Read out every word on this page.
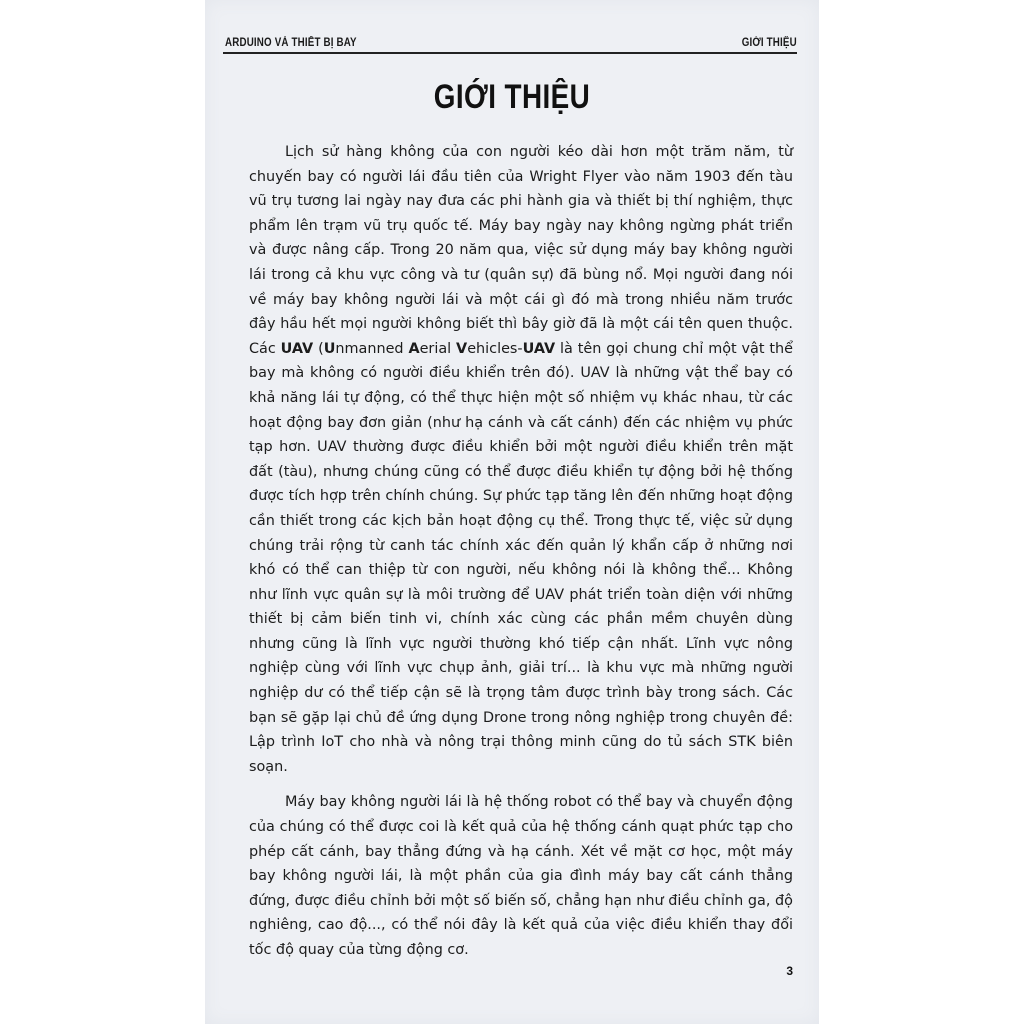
ARDUINO VÀ THIẾT BỊ BAY	GIỚI THIỆU
GIỚI THIỆU

Lịch sử hàng không của con người kéo dài hơn một trăm năm, từ chuyến bay có người lái đầu tiên của Wright Flyer vào năm 1903 đến tàu vũ trụ tương lai ngày nay đưa các phi hành gia và thiết bị thí nghiệm, thực phẩm lên trạm vũ trụ quốc tế. Máy bay ngày nay không ngừng phát triển và được nâng cấp. Trong 20 năm qua, việc sử dụng máy bay không người lái trong cả khu vực công và tư (quân sự) đã bùng nổ. Mọi người đang nói về máy bay không người lái và một cái gì đó mà trong nhiều năm trước đây hầu hết mọi người không biết thì bây giờ đã là một cái tên quen thuộc. Các UAV (Unmanned Aerial Vehicles-UAV là tên gọi chung chỉ một vật thể bay mà không có người điều khiển trên đó). UAV là những vật thể bay có khả năng lái tự động, có thể thực hiện một số nhiệm vụ khác nhau, từ các hoạt động bay đơn giản (như hạ cánh và cất cánh) đến các nhiệm vụ phức tạp hơn. UAV thường được điều khiển bởi một người điều khiển trên mặt đất (tàu), nhưng chúng cũng có thể được điều khiển tự động bởi hệ thống được tích hợp trên chính chúng. Sự phức tạp tăng lên đến những hoạt động cần thiết trong các kịch bản hoạt động cụ thể. Trong thực tế, việc sử dụng chúng trải rộng từ canh tác chính xác đến quản lý khẩn cấp ở những nơi khó có thể can thiệp từ con người, nếu không nói là không thể... Không như lĩnh vực quân sự là môi trường để UAV phát triển toàn diện với những thiết bị cảm biến tinh vi, chính xác cùng các phần mềm chuyên dùng nhưng cũng là lĩnh vực người thường khó tiếp cận nhất. Lĩnh vực nông nghiệp cùng với lĩnh vực chụp ảnh, giải trí... là khu vực mà những người nghiệp dư có thể tiếp cận sẽ là trọng tâm được trình bày trong sách. Các bạn sẽ gặp lại chủ đề ứng dụng Drone trong nông nghiệp trong chuyên đề: Lập trình IoT cho nhà và nông trại thông minh cũng do tủ sách STK biên soạn.

Máy bay không người lái là hệ thống robot có thể bay và chuyển động của chúng có thể được coi là kết quả của hệ thống cánh quạt phức tạp cho phép cất cánh, bay thẳng đứng và hạ cánh. Xét về mặt cơ học, một máy bay không người lái, là một phần của gia đình máy bay cất cánh thẳng đứng, được điều chỉnh bởi một số biến số, chẳng hạn như điều chỉnh ga, độ nghiêng, cao độ..., có thể nói đây là kết quả của việc điều khiển thay đổi tốc độ quay của từng động cơ.

3
